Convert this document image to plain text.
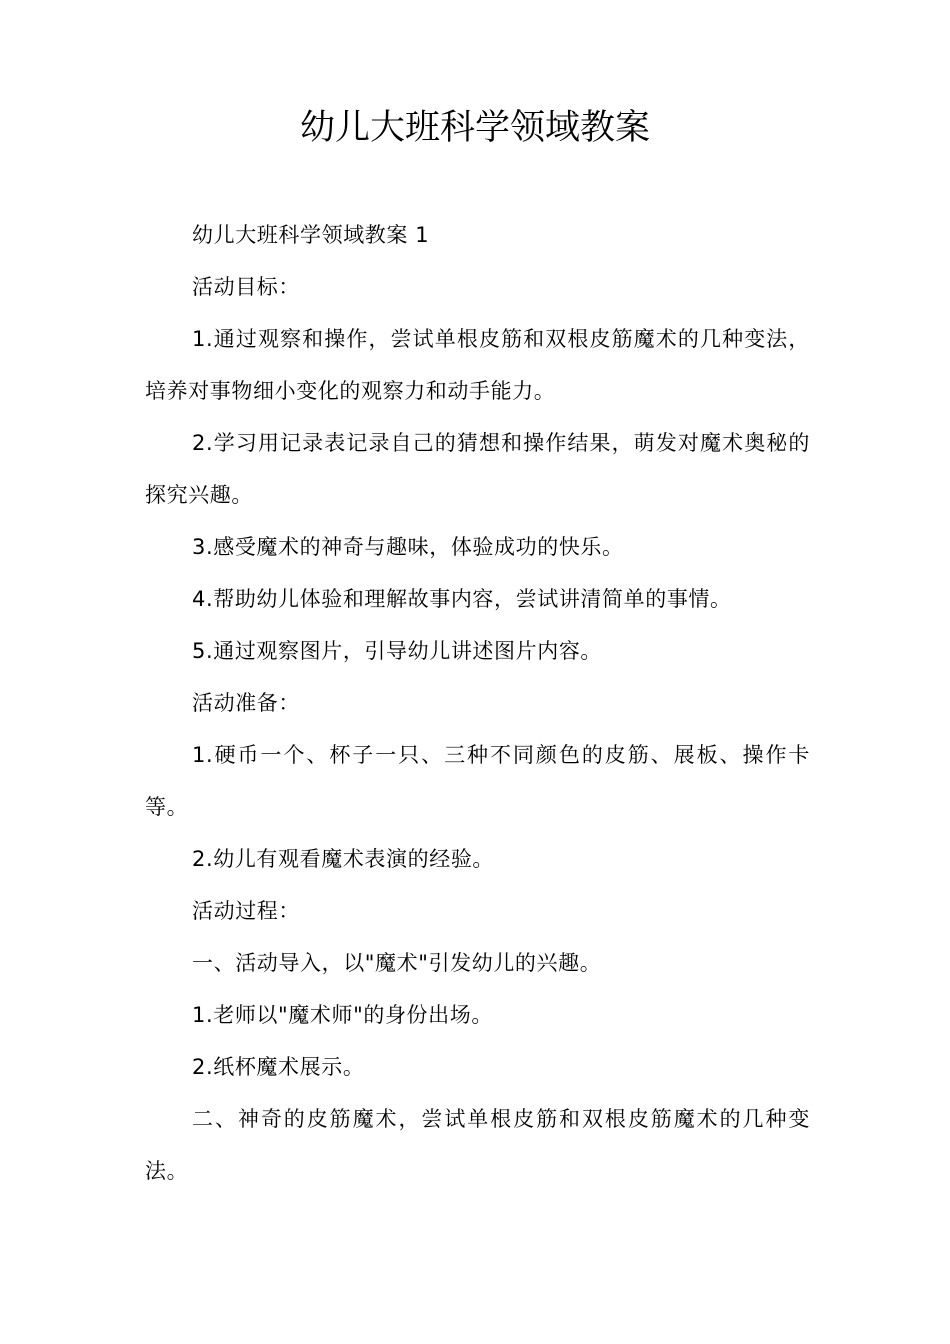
幼儿大班科学领域教案

幼儿大班科学领域教案 1

活动目标：

1.通过观察和操作，尝试单根皮筋和双根皮筋魔术的几种变法，培养对事物细小变化的观察力和动手能力。

2.学习用记录表记录自己的猜想和操作结果，萌发对魔术奥秘的探究兴趣。

3.感受魔术的神奇与趣味，体验成功的快乐。

4.帮助幼儿体验和理解故事内容，尝试讲清简单的事情。

5.通过观察图片，引导幼儿讲述图片内容。

活动准备：

1.硬币一个、杯子一只、三种不同颜色的皮筋、展板、操作卡等。

2.幼儿有观看魔术表演的经验。

活动过程：

一、活动导入，以"魔术"引发幼儿的兴趣。

1.老师以"魔术师"的身份出场。

2.纸杯魔术展示。

二、神奇的皮筋魔术，尝试单根皮筋和双根皮筋魔术的几种变法。
